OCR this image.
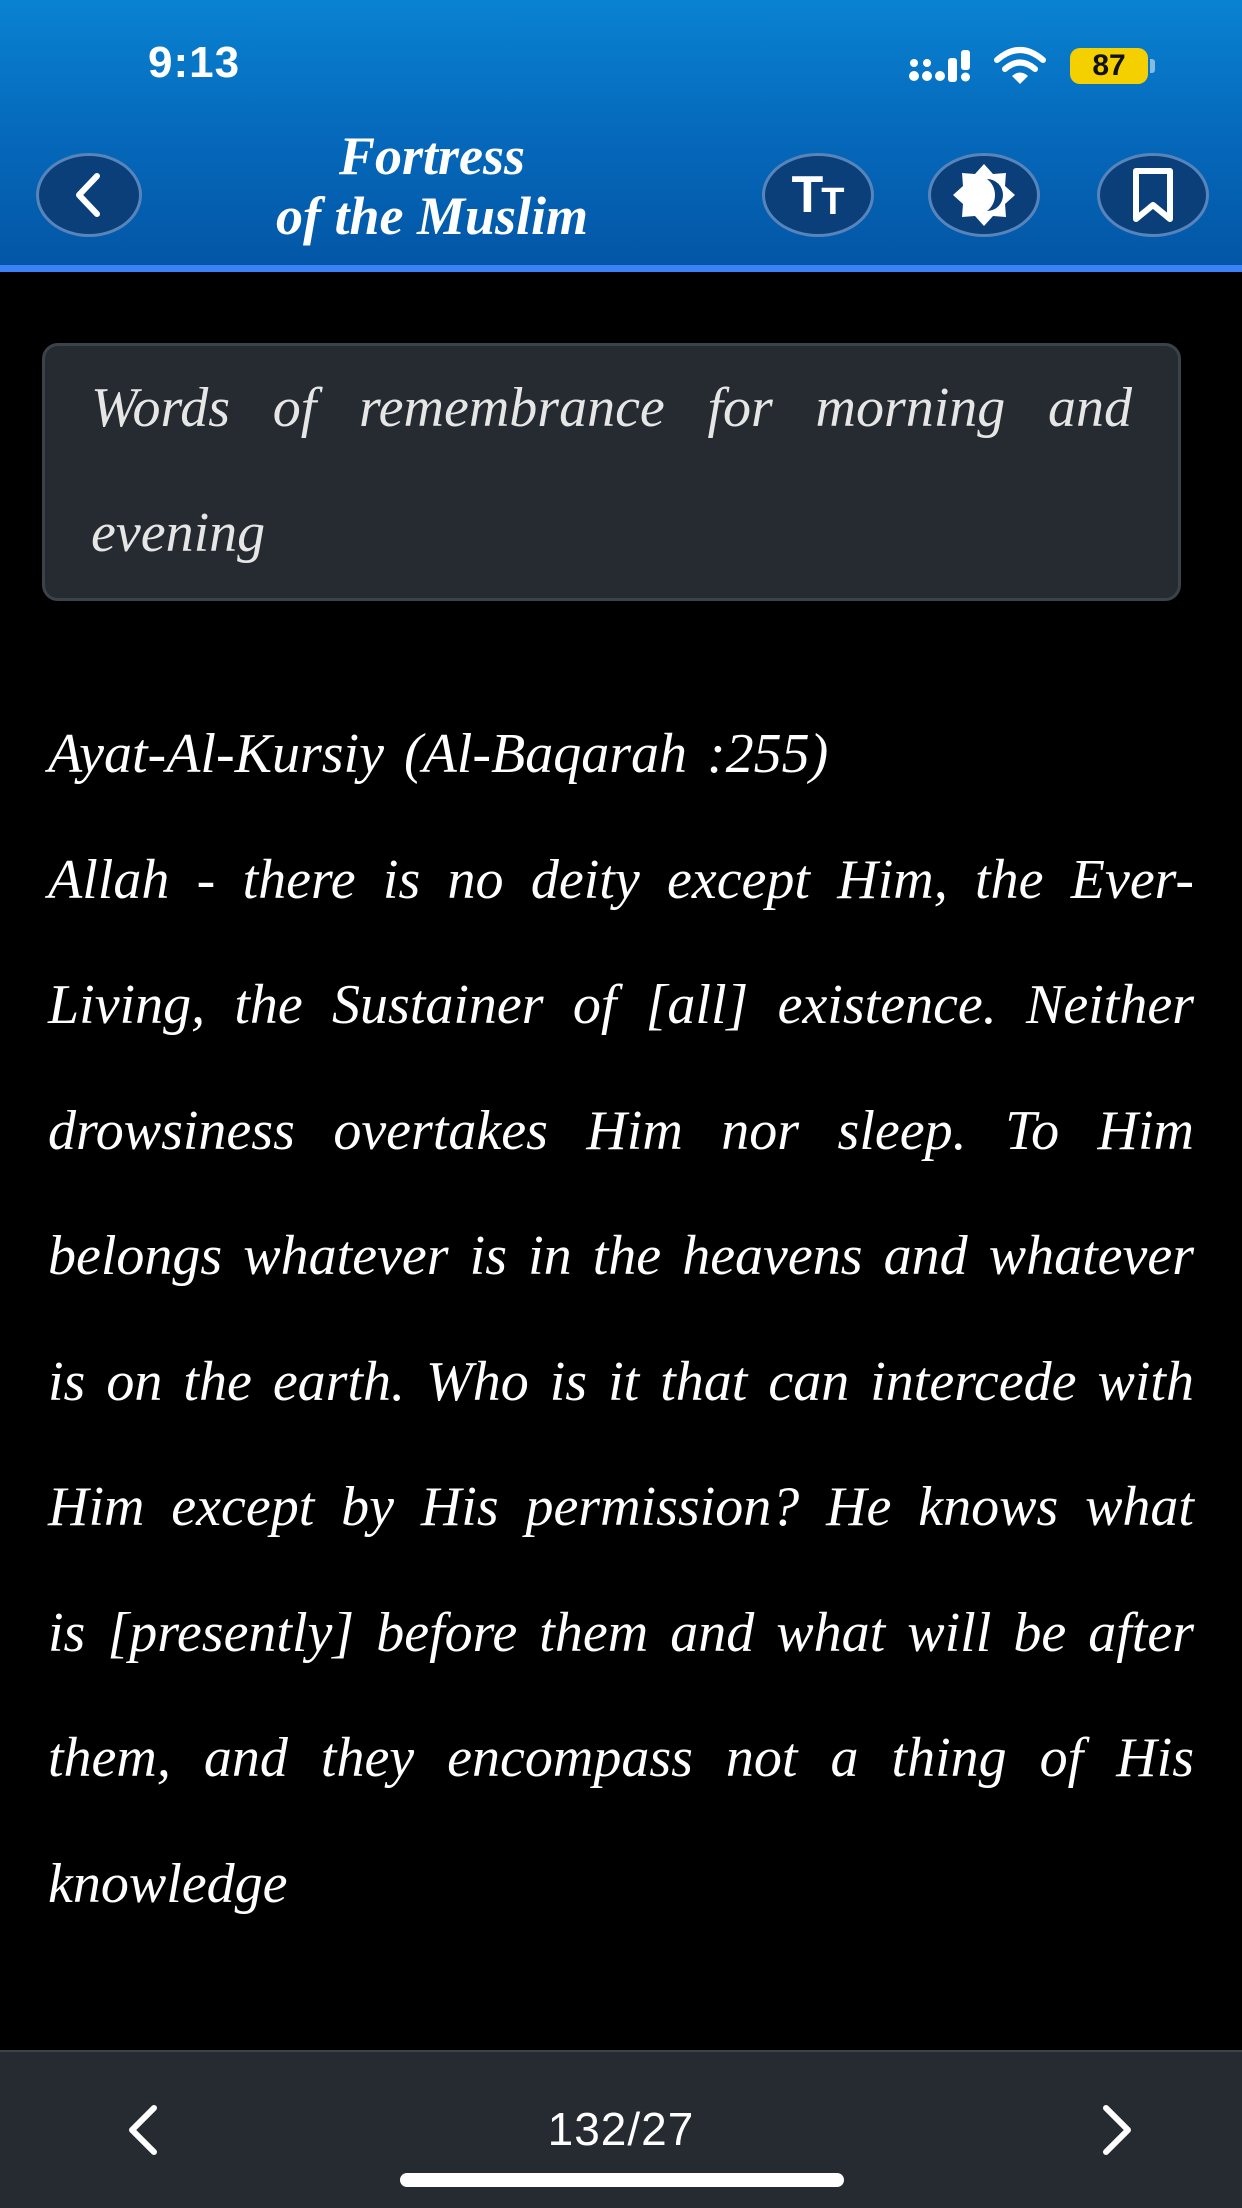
9:13	87
Fortress
of the Muslim	T
T
Words of remembrance for morning and evening

Ayat-Al-Kursiy (Al-Baqarah :255)

Allah - there is no deity except Him, the Ever-Living, the Sustainer of [all] existence. Neither drowsiness overtakes Him nor sleep. To Him belongs whatever is in the heavens and whatever is on the earth. Who is it that can intercede with Him except by His permission? He knows what is [presently] before them and what will be after them, and they encompass not a thing of His knowledge

132/27
